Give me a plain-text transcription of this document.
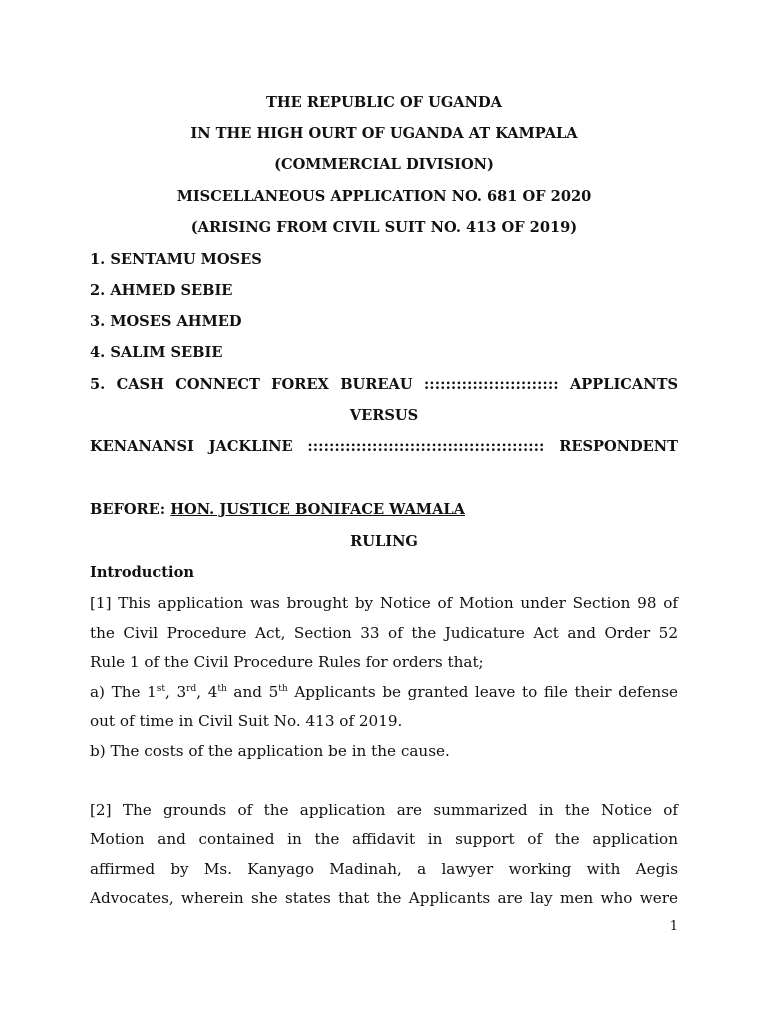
THE REPUBLIC OF UGANDA
IN THE HIGH OURT OF UGANDA AT KAMPALA
(COMMERCIAL DIVISION)
MISCELLANEOUS APPLICATION NO. 681 OF 2020
(ARISING FROM CIVIL SUIT NO. 413 OF 2019)
1. SENTAMU MOSES
2. AHMED SEBIE
3. MOSES AHMED
4. SALIM SEBIE
5. CASH CONNECT FOREX BUREAU ::::::::::::::::::::::::: APPLICANTS
VERSUS
KENANANSI JACKLINE :::::::::::::::::::::::::::::::::::::::::::: RESPONDENT
BEFORE: HON. JUSTICE BONIFACE WAMALA
RULING
Introduction
[1] This application was brought by Notice of Motion under Section 98 of
the Civil Procedure Act, Section 33 of the Judicature Act and Order 52
Rule 1 of the Civil Procedure Rules for orders that;
a) The 1st, 3rd, 4th and 5th Applicants be granted leave to file their defense
out of time in Civil Suit No. 413 of 2019.
b) The costs of the application be in the cause.
[2] The grounds of the application are summarized in the Notice of
Motion and contained in the affidavit in support of the application
affirmed by Ms. Kanyago Madinah, a lawyer working with Aegis
Advocates, wherein she states that the Applicants are lay men who were
1
